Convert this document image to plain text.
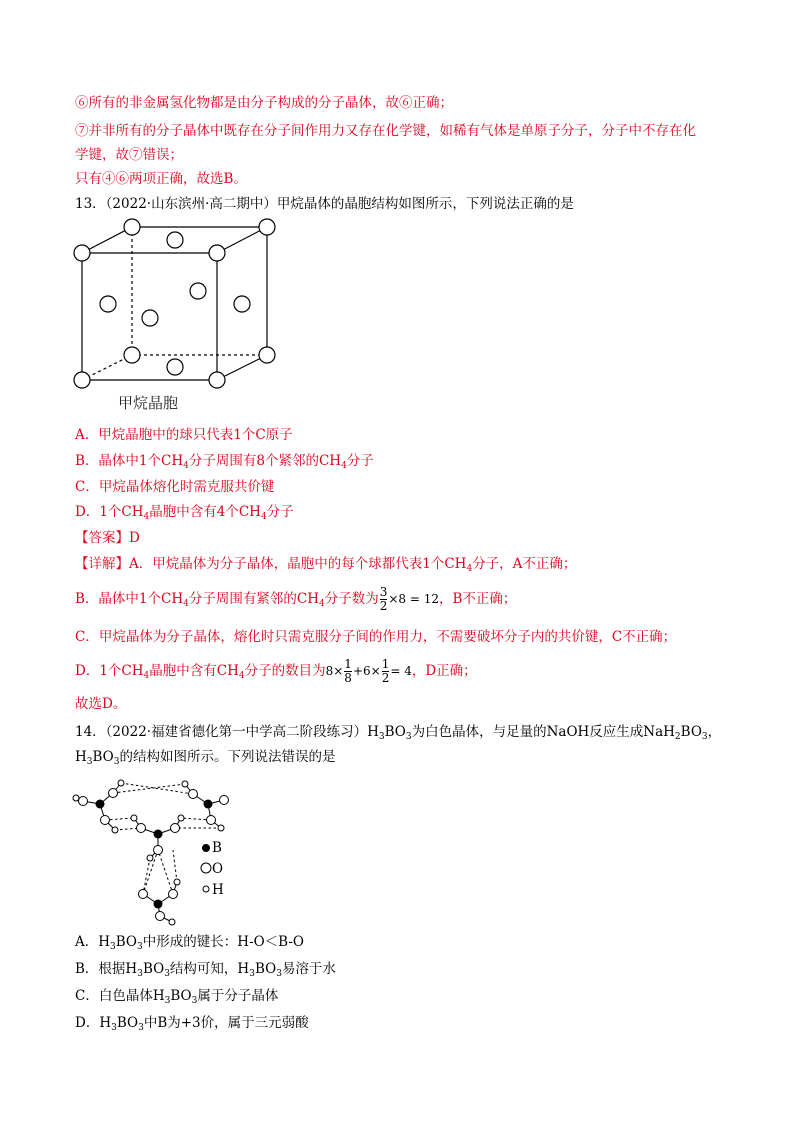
⑥所有的非金属氢化物都是由分子构成的分子晶体，故⑥正确；
⑦并非所有的分子晶体中既存在分子间作用力又存在化学键，如稀有气体是单原子分子，分子中不存在化
学键，故⑦错误；
只有④⑥两项正确，故选B。
13．（2022·山东滨州·高二期中）甲烷晶体的晶胞结构如图所示，下列说法正确的是
甲烷晶胞
A．甲烷晶胞中的球只代表1个C原子
B．晶体中1个$CH_4$分子周围有8个紧邻的$CH_4$分子
C．甲烷晶体熔化时需克服共价键
D．1个$CH_4$晶胞中含有4个$CH_4$分子
【答案】D
【详解】A．甲烷晶体为分子晶体，晶胞中的每个球都代表1个$CH_4$分子，A不正确；
B．晶体中1个$CH_4$分子周围有紧邻的$CH_4$分子数为 $\frac{3}{2} \times 8 = 12$，B不正确；
C．甲烷晶体为分子晶体，熔化时只需克服分子间的作用力，不需要破坏分子内的共价键，C不正确；
D．1个$CH_4$晶胞中含有$CH_4$分子的数目为$8\times \frac{1}{8} +6\times \frac{1}{2} = 4$，D正确；
故选D。
14．（2022·福建省德化第一中学高二阶段练习）$H_3BO_3$为白色晶体，与足量的NaOH反应生成$NaH_2BO_3$，
$H_3BO_3$的结构如图所示。下列说法错误的是
B
O
H
A．$H_3BO_3$中形成的键长：H-O＜B-O
B．根据$H_3BO_3$结构可知，$H_3BO_3$易溶于水
C．白色晶体$H_3BO_3$属于分子晶体
D．$H_3BO_3$中B为+3价，属于三元弱酸
